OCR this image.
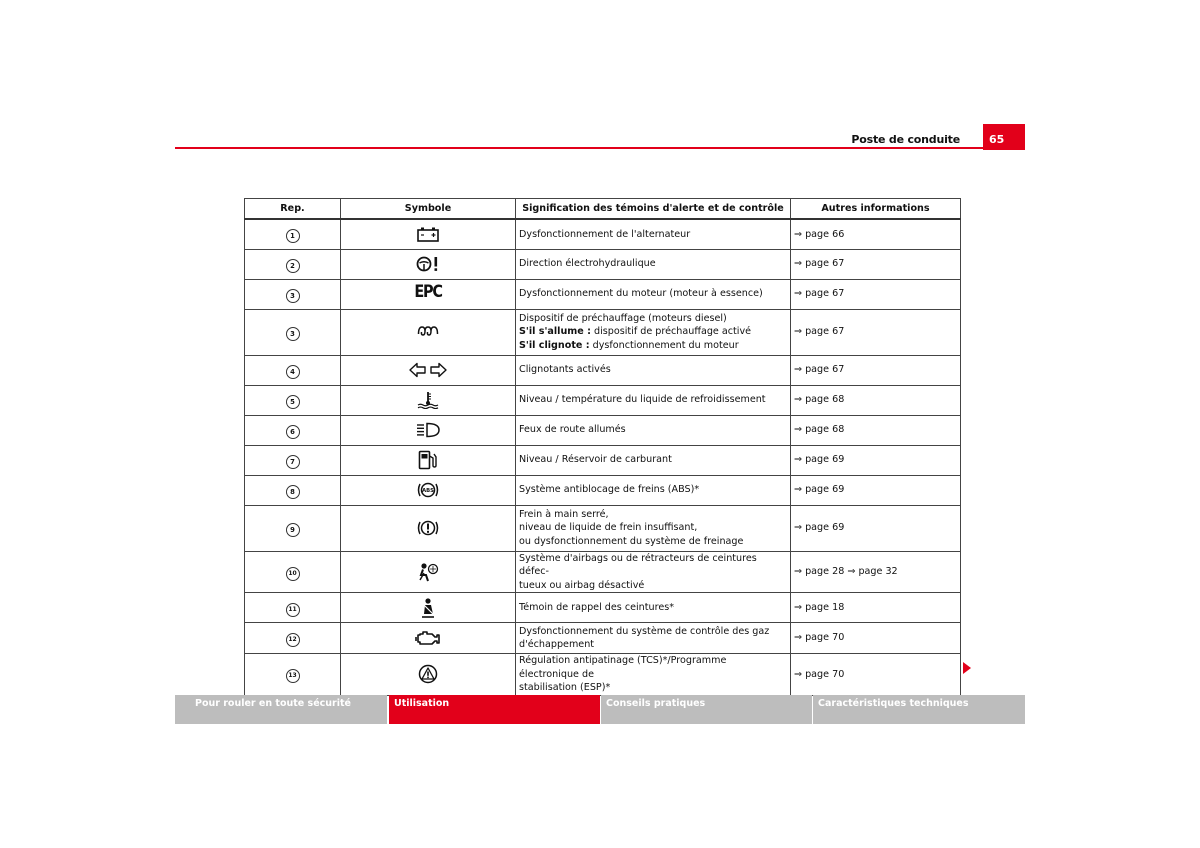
Poste de conduite	65
Rep.	Symbole	Signification des témoins d'alerte et de contrôle	Autres informations
1		Dysfonctionnement de l'alternateur	⇒ page 66
2		Direction électrohydraulique	⇒ page 67
3	EPC	Dysfonctionnement du moteur (moteur à essence)	⇒ page 67
3		Dispositif de préchauffage (moteurs diesel)
S'il s'allume : dispositif de préchauffage activé
S'il clignote : dysfonctionnement du moteur	⇒ page 67
4		Clignotants activés	⇒ page 67
5		Niveau / température du liquide de refroidissement	⇒ page 68
6		Feux de route allumés	⇒ page 68
7		Niveau / Réservoir de carburant	⇒ page 69
8	ABS	Système antiblocage de freins (ABS)*	⇒ page 69
9		Frein à main serré,
niveau de liquide de frein insuffisant,
ou dysfonctionnement du système de freinage	⇒ page 69
10		Système d'airbags ou de rétracteurs de ceintures défec-
tueux ou airbag désactivé	⇒ page 28 ⇒ page 32
11		Témoin de rappel des ceintures*	⇒ page 18
12		Dysfonctionnement du système de contrôle des gaz
d'échappement	⇒ page 70
13		Régulation antipatinage (TCS)*/Programme électronique de
stabilisation (ESP)*	⇒ page 70
Pour rouler en toute sécurité	Utilisation	Conseils pratiques	Caractéristiques techniques
